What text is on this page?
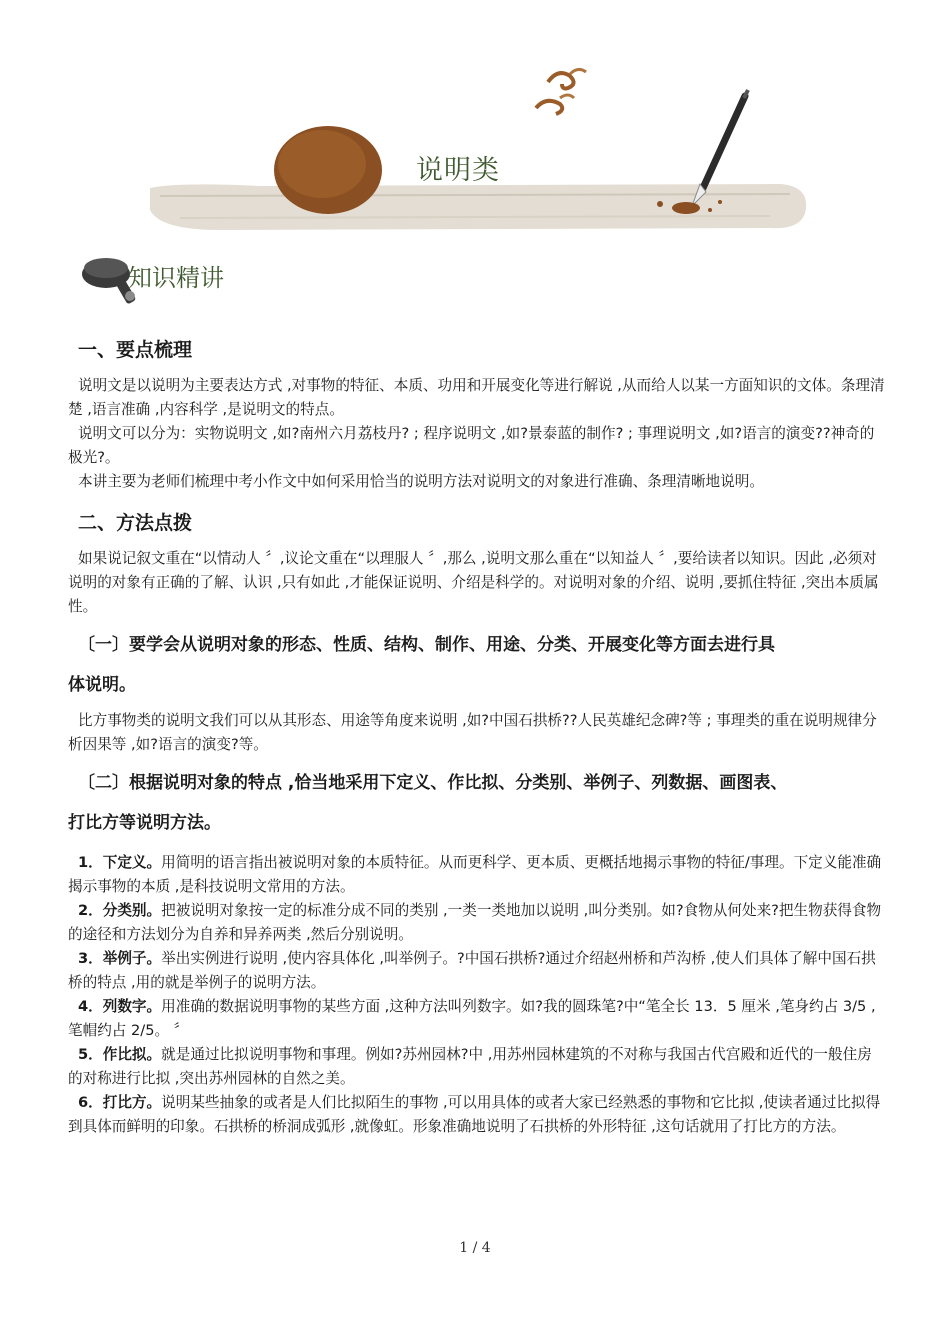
说明类
知识精讲
一、要点梳理

说明文是以说明为主要表达方式 ,对事物的特征、本质、功用和开展变化等进行解说 ,从而给人以某一方面知识的文体。条理清楚 ,语言准确 ,内容科学 ,是说明文的特点。

说明文可以分为：实物说明文 ,如?南州六月荔枝丹? ; 程序说明文 ,如?景泰蓝的制作? ; 事理说明文 ,如?语言的演变??神奇的极光?。

本讲主要为老师们梳理中考小作文中如何采用恰当的说明方法对说明文的对象进行准确、条理清晰地说明。

二、方法点拨

如果说记叙文重在“以情动人 〞,议论文重在“以理服人 〞,那么 ,说明文那么重在“以知益人 〞,要给读者以知识。因此 ,必须对说明的对象有正确的了解、认识 ,只有如此 ,才能保证说明、介绍是科学的。对说明对象的介绍、说明 ,要抓住特征 ,突出本质属性。

〔一〕要学会从说明对象的形态、性质、结构、制作、用途、分类、开展变化等方面去进行具
体说明。

比方事物类的说明文我们可以从其形态、用途等角度来说明 ,如?中国石拱桥??人民英雄纪念碑?等 ; 事理类的重在说明规律分析因果等 ,如?语言的演变?等。

〔二〕根据说明对象的特点 ,恰当地采用下定义、作比拟、分类别、举例子、列数据、画图表、
打比方等说明方法。

1．下定义。用简明的语言指出被说明对象的本质特征。从而更科学、更本质、更概括地揭示事物的特征/事理。下定义能准确揭示事物的本质 ,是科技说明文常用的方法。

2．分类别。把被说明对象按一定的标准分成不同的类别 ,一类一类地加以说明 ,叫分类别。如?食物从何处来?把生物获得食物的途径和方法划分为自养和异养两类 ,然后分别说明。

3．举例子。举出实例进行说明 ,使内容具体化 ,叫举例子。?中国石拱桥?通过介绍赵州桥和芦沟桥 ,使人们具体了解中国石拱桥的特点 ,用的就是举例子的说明方法。

4．列数字。用准确的数据说明事物的某些方面 ,这种方法叫列数字。如?我的圆珠笔?中“笔全长 13．5 厘米 ,笔身约占 3/5 ,笔帽约占 2/5。 〞

5．作比拟。就是通过比拟说明事物和事理。例如?苏州园林?中 ,用苏州园林建筑的不对称与我国古代宫殿和近代的一般住房的对称进行比拟 ,突出苏州园林的自然之美。

6．打比方。说明某些抽象的或者是人们比拟陌生的事物 ,可以用具体的或者大家已经熟悉的事物和它比拟 ,使读者通过比拟得到具体而鲜明的印象。石拱桥的桥洞成弧形 ,就像虹。形象准确地说明了石拱桥的外形特征 ,这句话就用了打比方的方法。

1 / 4
